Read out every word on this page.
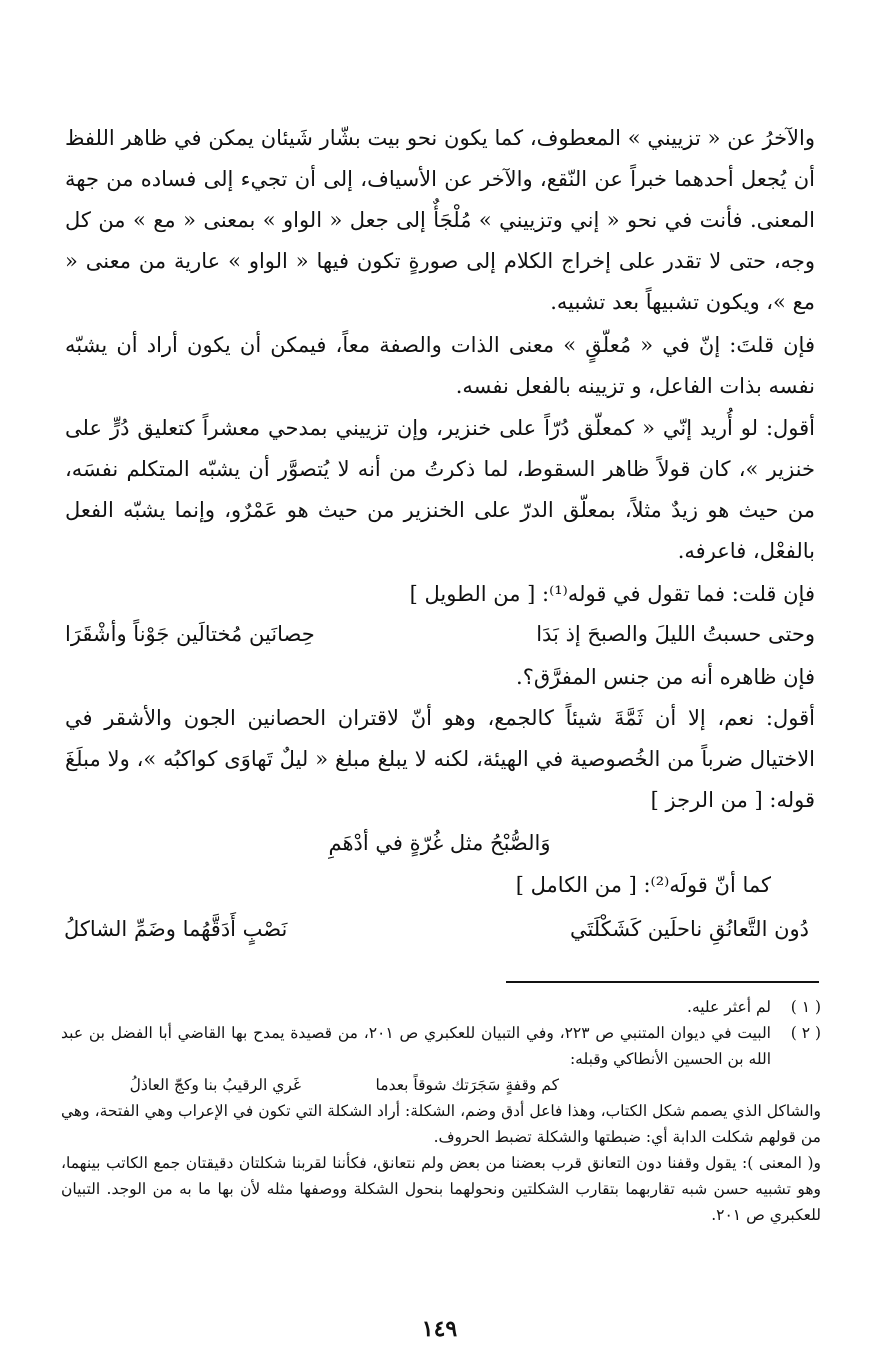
والآخرُ عن « تزييني » المعطوف، كما يكون نحو بيت بشّار شَيئان يمكن في ظاهر اللفظ أن يُجعل أحدهما خبراً عن النّقع، والآخر عن الأسياف، إلى أن تجيء إلى فساده من جهة المعنى. فأنت في نحو « إني وتزييني » مُلْجَأٌ إلى جعل « الواو » بمعنى « مع » من كل وجه، حتى لا تقدر على إخراج الكلام إلى صورةٍ تكون فيها « الواو » عارية من معنى « مع »، ويكون تشبيهاً بعد تشبيه.

فإن قلتَ: إنّ في « مُعلّقٍ » معنى الذات والصفة معاً، فيمكن أن يكون أراد أن يشبّه نفسه بذات الفاعل، و تزيينه بالفعل نفسه.

أقول: لو أُريد إنّي « كمعلّق دُرّاً على خنزير، وإن تزييني بمدحي معشراً كتعليق دُرٍّ على خنزير »، كان قولاً ظاهر السقوط، لما ذكرتُ من أنه لا يُتصوَّر أن يشبّه المتكلم نفسَه، من حيث هو زيدٌ مثلاً، بمعلّق الدرّ على الخنزير من حيث هو عَمْرٌو، وإنما يشبّه الفعل بالفعْل، فاعرفه.

فإن قلت: فما تقول في قوله⁽¹⁾: [ من الطويل ]
وحتى حسبتُ الليلَ والصبحَ إذ بَدَا
حِصانَين مُختالَين جَوْناً وأشْقَرَا
فإن ظاهره أنه من جنس المفرَّق؟.

أقول: نعم، إلا أن ثَمَّةَ شيئاً كالجمع، وهو أنّ لاقتران الحصانين الجون والأشقر في الاختيال ضرباً من الخُصوصية في الهيئة، لكنه لا يبلغ مبلغ « ليلٌ تَهاوَى كواكبُه »، ولا مبلَغَ قوله: [ من الرجز ]

وَالصُّبْحُ مثل غُرّةٍ في أدْهَمِ
كما أنّ قولَه⁽²⁾: [ من الكامل ]
دُون التَّعانُقِ ناحلَين كَشَكْلَتَي
نَصْبٍ أَدَقَّهُما وضَمِّ الشاكلُ
( ١ )
لم أعثر عليه.
( ٢ )
البيت في ديوان المتنبي ص ٢٢٣، وفي التبيان للعكبري ص ٢٠١، من قصيدة يمدح بها القاضي أبا الفضل بن عبد الله بن الحسين الأنطاكي وقبله:
كم وقفةٍ سَجَرَتك شوقاً بعدما
غَري الرقيبُ بنا وكجّ العاذلُ
والشاكل الذي يصمم شكل الكتاب، وهذا فاعل أدق وضم، الشكلة: أراد الشكلة التي تكون في الإعراب وهي الفتحة، وهي من قولهم شكلت الدابة أي: ضبطتها والشكلة تضبط الحروف.
و( المعنى ): يقول وقفنا دون التعانق قرب بعضنا من بعض ولم نتعانق، فكأننا لقربنا شكلتان دقيقتان جمع الكاتب بينهما، وهو تشبيه حسن شبه تقاربهما بتقارب الشكلتين ونحولهما بنحول الشكلة ووصفها مثله لأن بها ما به من الوجد. التبيان للعكبري ص ٢٠١.
١٤٩
